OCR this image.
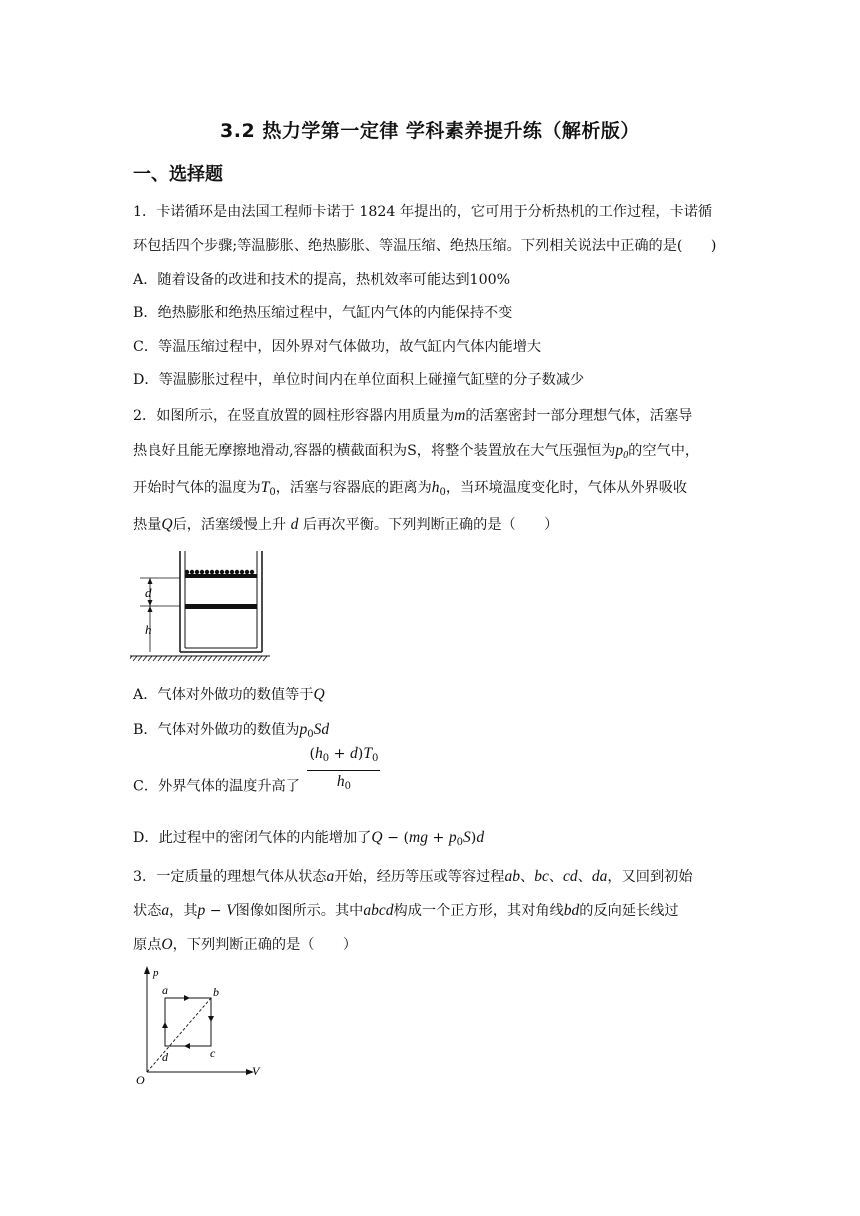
3.2 热力学第一定律 学科素养提升练（解析版）
一、选择题
1．卡诺循环是由法国工程师卡诺于 1824 年提出的，它可用于分析热机的工作过程，卡诺循
环包括四个步骤;等温膨胀、绝热膨胀、等温压缩、绝热压缩。下列相关说法中正确的是(　　)
A．随着设备的改进和技术的提高，热机效率可能达到100%
B．绝热膨胀和绝热压缩过程中，气缸内气体的内能保持不变
C．等温压缩过程中，因外界对气体做功，故气缸内气体内能增大
D．等温膨胀过程中，单位时间内在单位面积上碰撞气缸壁的分子数减少
2．如图所示，在竖直放置的圆柱形容器内用质量为m的活塞密封一部分理想气体，活塞导
热良好且能无摩擦地滑动,容器的横截面积为S，将整个装置放在大气压强恒为$p_0$的空气中，
开始时气体的温度为$T_0$，活塞与容器底的距离为$h_0$，当环境温度变化时，气体从外界吸收
热量Q后，活塞缓慢上升 d 后再次平衡。下列判断正确的是（　　）
d
h
A．气体对外做功的数值等于Q
B．气体对外做功的数值为$p_0Sd$
C．外界气体的温度升高了 $\frac{(h_0 + d)T_0}{h_0}$
D．此过程中的密闭气体的内能增加了$Q - (mg + p_0S)d$
3．一定质量的理想气体从状态a开始，经历等压或等容过程ab、bc、cd、da，又回到初始
状态a，其p − V图像如图所示。其中abcd构成一个正方形，其对角线bd的反向延长线过
原点O，下列判断正确的是（　　）
p
V
O
a	b
c
d
